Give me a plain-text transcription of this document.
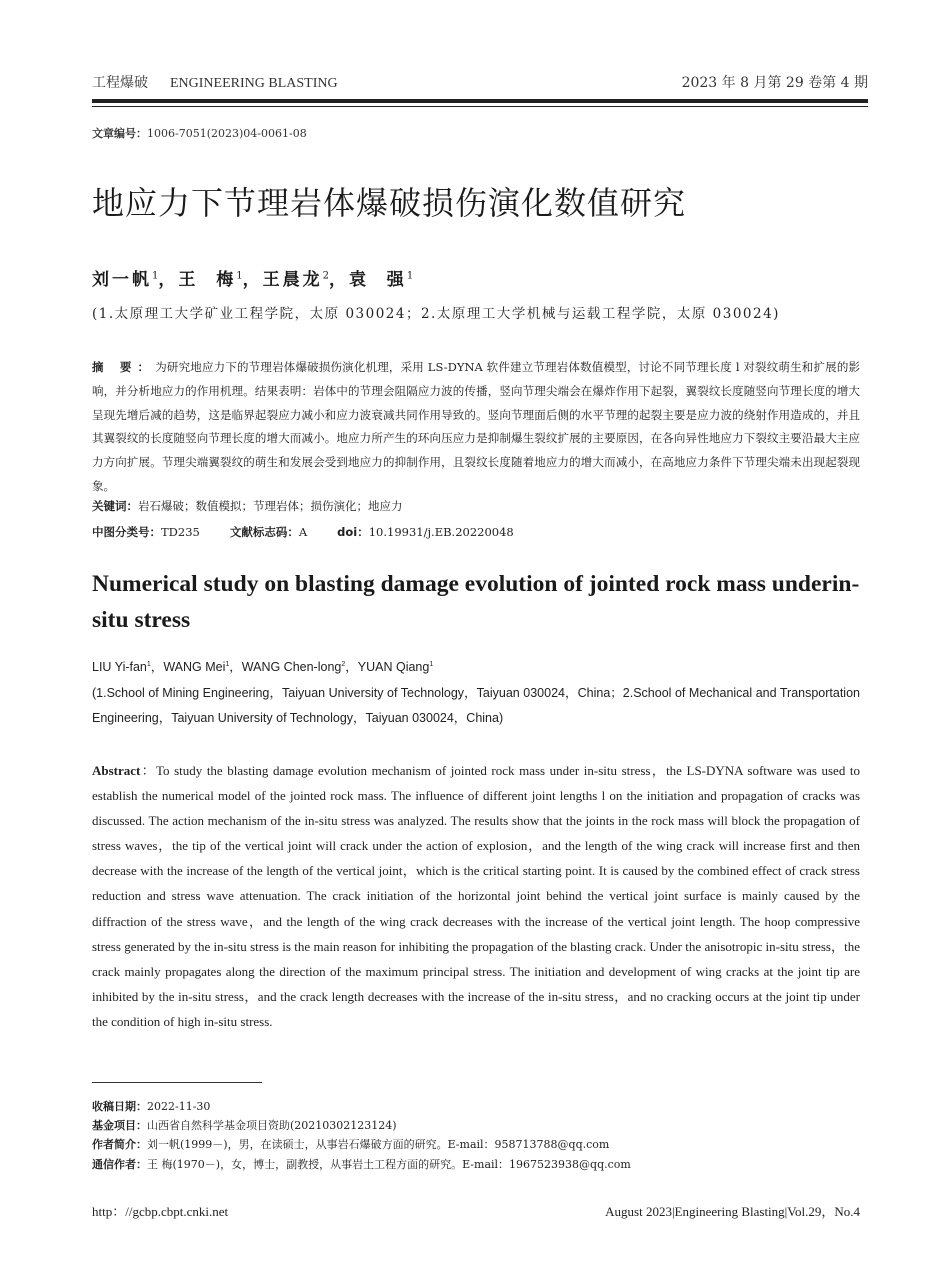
工程爆破 ENGINEERING BLASTING	2023 年 8 月第 29 卷第 4 期
文章编号：1006-7051(2023)04-0061-08
地应力下节理岩体爆破损伤演化数值研究
刘一帆$^1$，王  梅$^1$，王晨龙$^2$，袁  强$^1$
(1.太原理工大学矿业工程学院，太原 030024；2.太原理工大学机械与运载工程学院，太原 030024)
摘 要：为研究地应力下的节理岩体爆破损伤演化机理，采用 LS-DYNA 软件建立节理岩体数值模型，讨论不同节理长度 l 对裂纹萌生和扩展的影响，并分析地应力的作用机理。结果表明：岩体中的节理会阻隔应力波的传播，竖向节理尖端会在爆炸作用下起裂，翼裂纹长度随竖向节理长度的增大呈现先增后减的趋势，这是临界起裂应力减小和应力波衰减共同作用导致的。竖向节理面后侧的水平节理的起裂主要是应力波的绕射作用造成的，并且其翼裂纹的长度随竖向节理长度的增大而减小。地应力所产生的环向压应力是抑制爆生裂纹扩展的主要原因，在各向异性地应力下裂纹主要沿最大主应力方向扩展。节理尖端翼裂纹的萌生和发展会受到地应力的抑制作用，且裂纹长度随着地应力的增大而减小，在高地应力条件下节理尖端未出现起裂现象。
关键词：岩石爆破；数值模拟；节理岩体；损伤演化；地应力
中图分类号：TD235	文献标志码：A	doi：10.19931/j.EB.20220048
Numerical study on blasting damage evolution of jointed rock mass underin-situ stress
LIU Yi-fan$^1$，WANG Mei$^1$，WANG Chen-long$^2$，YUAN Qiang$^1$
(1.School of Mining Engineering，Taiyuan University of Technology，Taiyuan 030024，China；2.School of Mechanical and Transportation Engineering，Taiyuan University of Technology，Taiyuan 030024，China)
Abstract：To study the blasting damage evolution mechanism of jointed rock mass under in-situ stress，the LS-DYNA software was used to establish the numerical model of the jointed rock mass. The influence of different joint lengths l on the initiation and propagation of cracks was discussed. The action mechanism of the in-situ stress was analyzed. The results show that the joints in the rock mass will block the propagation of stress waves，the tip of the vertical joint will crack under the action of explosion，and the length of the wing crack will increase first and then decrease with the increase of the length of the vertical joint，which is the critical starting point. It is caused by the combined effect of crack stress reduction and stress wave attenuation. The crack initiation of the horizontal joint behind the vertical joint surface is mainly caused by the diffraction of the stress wave，and the length of the wing crack decreases with the increase of the vertical joint length. The hoop compressive stress generated by the in-situ stress is the main reason for inhibiting the propagation of the blasting crack. Under the anisotropic in-situ stress，the crack mainly propagates along the direction of the maximum principal stress. The initiation and development of wing cracks at the joint tip are inhibited by the in-situ stress，and the crack length decreases with the increase of the in-situ stress，and no cracking occurs at the joint tip under the condition of high in-situ stress.
收稿日期：2022-11-30
基金项目：山西省自然科学基金项目资助(20210302123124)
作者简介：刘一帆(1999－)，男，在读硕士，从事岩石爆破方面的研究。E-mail：958713788@qq.com
通信作者：王 梅(1970－)，女，博士，副教授，从事岩土工程方面的研究。E-mail：1967523938@qq.com
http：//gcbp.cbpt.cnki.net	August 2023|Engineering Blasting|Vol.29，No.4
